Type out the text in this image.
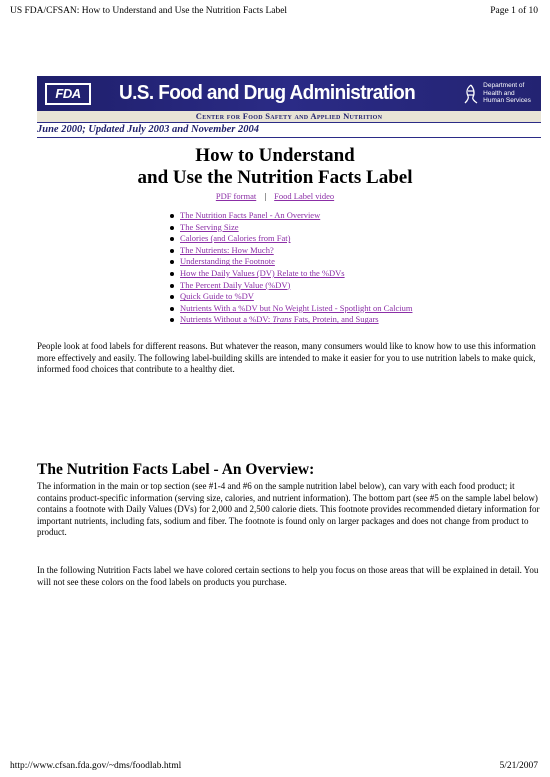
US FDA/CFSAN: How to Understand and Use the Nutrition Facts Label	Page 1 of 10
FDA	U.S. Food and Drug Administration	Department of
Health and
Human Services
Center for Food Safety and Applied Nutrition
June 2000; Updated July 2003 and November 2004
How to Understand
and Use the Nutrition Facts Label
PDF format | Food Label video
The Nutrition Facts Panel - An Overview
The Serving Size
Calories (and Calories from Fat)
The Nutrients: How Much?
Understanding the Footnote
How the Daily Values (DV) Relate to the %DVs
The Percent Daily Value (%DV)
Quick Guide to %DV
Nutrients With a %DV but No Weight Listed - Spotlight on Calcium
Nutrients Without a %DV: Trans Fats, Protein, and Sugars

People look at food labels for different reasons. But whatever the reason, many consumers would like to know how to use this information more effectively and easily. The following label-building skills are intended to make it easier for you to use nutrition labels to make quick, informed food choices that contribute to a healthy diet.

The Nutrition Facts Label - An Overview:

The information in the main or top section (see #1-4 and #6 on the sample nutrition label below), can vary with each food product; it contains product-specific information (serving size, calories, and nutrient information). The bottom part (see #5 on the sample label below) contains a footnote with Daily Values (DVs) for 2,000 and 2,500 calorie diets. This footnote provides recommended dietary information for important nutrients, including fats, sodium and fiber. The footnote is found only on larger packages and does not change from product to product.

In the following Nutrition Facts label we have colored certain sections to help you focus on those areas that will be explained in detail. You will not see these colors on the food labels on products you purchase.

http://www.cfsan.fda.gov/~dms/foodlab.html	5/21/2007
